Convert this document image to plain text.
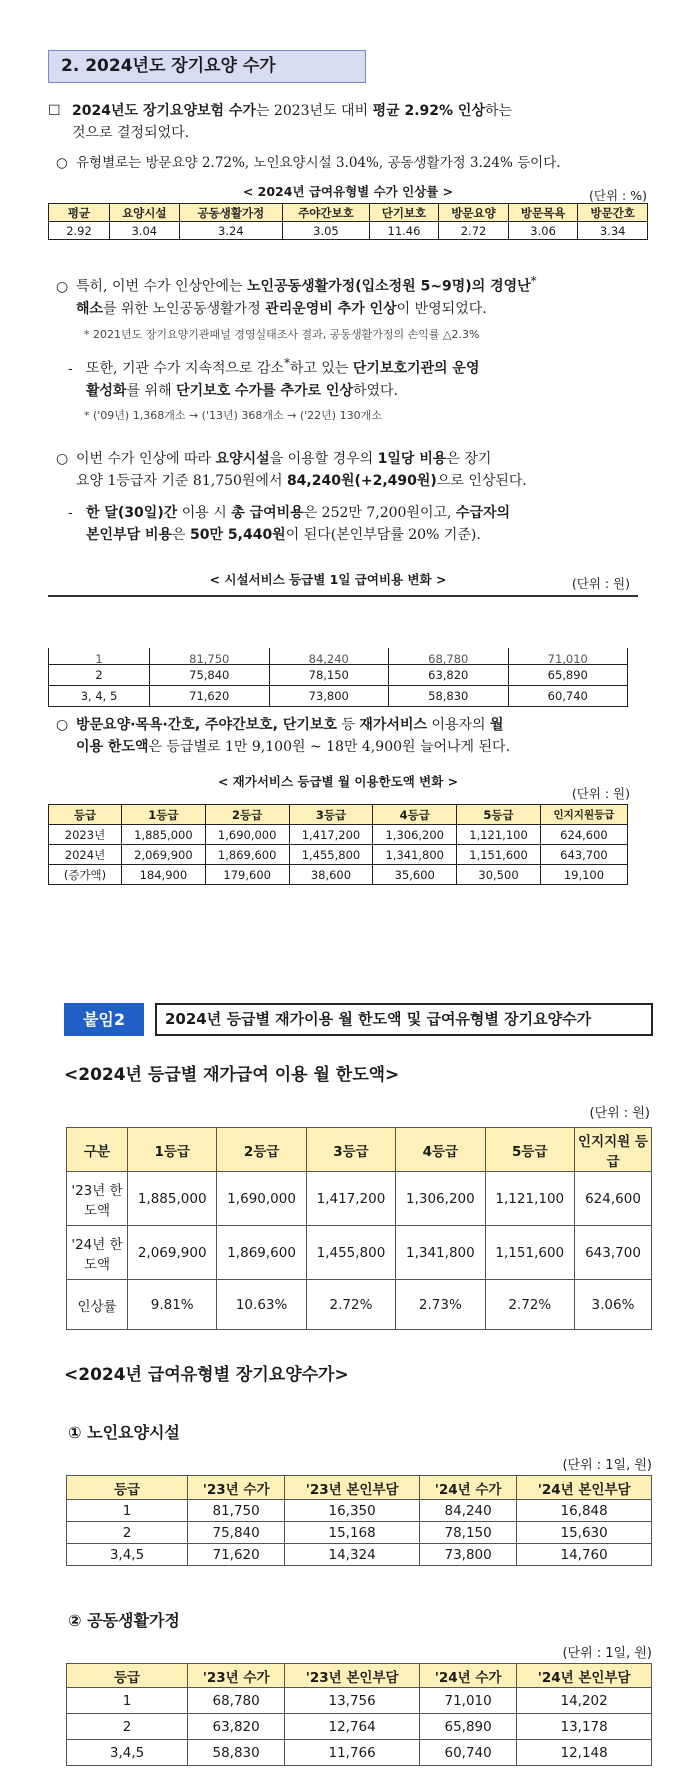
2. 2024년도 장기요양 수가
☐ 2024년도 장기요양보험 수가는 2023년도 대비 평균 2.92% 인상하는
것으로 결정되었다.
○ 유형별로는 방문요양 2.72%, 노인요양시설 3.04%, 공동생활가정 3.24% 등이다.
< 2024년 급여유형별 수가 인상률 >	(단위 : %)
평균	요양시설	공동생활가정	주야간보호	단기보호	방문요양	방문목욕	방문간호
2.92	3.04	3.24	3.05	11.46	2.72	3.06	3.34
○ 특히, 이번 수가 인상안에는 노인공동생활가정(입소정원 5~9명)의 경영난*
해소를 위한 노인공동생활가정 관리운영비 추가 인상이 반영되었다.
* 2021년도 장기요양기관패널 경영실태조사 결과, 공동생활가정의 손익률 △2.3%
- 또한, 기관 수가 지속적으로 감소*하고 있는 단기보호기관의 운영
활성화를 위해 단기보호 수가를 추가로 인상하였다.
* ('09년) 1,368개소 → ('13년) 368개소 → ('22년) 130개소
○ 이번 수가 인상에 따라 요양시설을 이용할 경우의 1일당 비용은 장기
요양 1등급자 기준 81,750원에서 84,240원(+2,490원)으로 인상된다.
- 한 달(30일)간 이용 시 총 급여비용은 252만 7,200원이고, 수급자의
본인부담 비용은 50만 5,440원이 된다(본인부담률 20% 기준).
< 시설서비스 등급별 1일 급여비용 변화 >	(단위 : 원)
1	81,750	84,240	68,780	71,010
2	75,840	78,150	63,820	65,890
3, 4, 5	71,620	73,800	58,830	60,740
○ 방문요양·목욕·간호, 주야간보호, 단기보호 등 재가서비스 이용자의 월
이용 한도액은 등급별로 1만 9,100원 ~ 18만 4,900원 늘어나게 된다.
< 재가서비스 등급별 월 이용한도액 변화 >
(단위 : 원)
등급	1등급	2등급	3등급	4등급	5등급	인지지원등급
2023년	1,885,000	1,690,000	1,417,200	1,306,200	1,121,100	624,600
2024년	2,069,900	1,869,600	1,455,800	1,341,800	1,151,600	643,700
(증가액)	184,900	179,600	38,600	35,600	30,500	19,100
붙임2	2024년 등급별 재가이용 월 한도액 및 급여유형별 장기요양수가
<2024년 등급별 재가급여 이용 월 한도액>
(단위 : 원)
구분	1등급	2등급	3등급	4등급	5등급	인지지원 등급
'23년 한도액	1,885,000	1,690,000	1,417,200	1,306,200	1,121,100	624,600
'24년 한도액	2,069,900	1,869,600	1,455,800	1,341,800	1,151,600	643,700
인상률	9.81%	10.63%	2.72%	2.73%	2.72%	3.06%
<2024년 급여유형별 장기요양수가>
① 노인요양시설
(단위 : 1일, 원)
등급	'23년 수가	'23년 본인부담	'24년 수가	'24년 본인부담
1	81,750	16,350	84,240	16,848
2	75,840	15,168	78,150	15,630
3,4,5	71,620	14,324	73,800	14,760
② 공동생활가정
(단위 : 1일, 원)
등급	'23년 수가	'23년 본인부담	'24년 수가	'24년 본인부담
1	68,780	13,756	71,010	14,202
2	63,820	12,764	65,890	13,178
3,4,5	58,830	11,766	60,740	12,148
